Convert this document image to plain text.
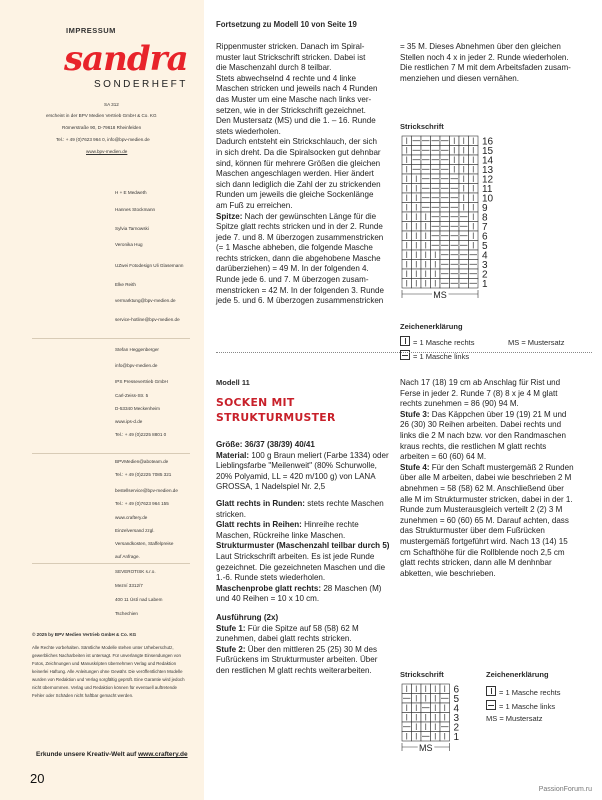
IMPRESSUM
sandra
SONDERHEFT
SA 312
erscheint in der BPV Medien Vertrieb GmbH & Co. KG
Römerstraße 90, D-79618 Rheinfelden
Tel.: + 49 (0)7623 964 0, info@bpv-medien.de
www.bpv-medien.de
H + E Medweth
Hannes Stockmann
Sylvia Tarnowski
Veronika Hug
UZwei Fotodesign Uli Glasemann
Elke Reith
vermarktung@bpv-medien.de
service-hotline@bpv-medien.de
Stefan Heggenberger
info@bpv-medien.de
IPS Pressevertrieb GmbH
Carl-Zeiss-Str. 5
D-53340 Meckenheim
www.ips-d.de
Tel.: + 49 (0)2225 8801 0
BPVMedien@aboteam.de
Tel.: + 49 (0)2225 7085 321
bestellservice@bpv-medien.de
Tel.: + 49 (0)7623 964 155
www.craftery.de
Einzelversand zzgl.
Versandkosten, Staffelpreise
auf Anfrage.
SEVEROTISK s.r.o.
Mezní 3312/7
400 11 Ústí nad Labem
Tschechien
© 2025 by BPV Medien Vertrieb GmbH & Co. KG
Alle Rechte vorbehalten. Sämtliche Modelle stehen unter Urheberschutz, gewerbliches Nacharbeiten ist untersagt. Für unverlangte Einsendungen von Fotos, Zeichnungen und Manuskripten übernehmen Verlag und Redaktion keinerlei Haftung. Alle Anleitungen ohne Gewähr. Die veröffentlichten Modelle wurden von Redaktion und Verlag sorgfältig geprüft. Eine Garantie wird jedoch nicht übernommen. Verlag und Redaktion können für eventuell auftretende Fehler oder Schäden nicht haftbar gemacht werden.
Erkunde unsere Kreativ-Welt auf www.craftery.de
20
Fortsetzung zu Modell 10 von Seite 19
Rippenmuster stricken. Danach im Spiral-
muster laut Strickschrift stricken. Dabei ist
die Maschenzahl durch 8 teilbar.
Stets abwechselnd 4 rechte und 4 linke
Maschen stricken und jeweils nach 4 Runden
das Muster um eine Masche nach links ver-
setzen, wie in der Strickschrift gezeichnet.
Den Mustersatz (MS) und die 1. – 16. Runde
stets wiederholen.
Dadurch entsteht ein Strickschlauch, der sich
in sich dreht. Da die Spiralsocken gut dehnbar
sind, können für mehrere Größen die gleichen
Maschen angeschlagen werden. Hier ändert
sich dann lediglich die Zahl der zu strickenden
Runden um jeweils die gleiche Sockenlänge
am Fuß zu erreichen.
Spitze: Nach der gewünschten Länge für die
Spitze glatt rechts stricken und in der 2. Runde
jede 7. und 8. M überzogen zusammenstricken
(= 1 Masche abheben, die folgende Masche
rechts stricken, dann die abgehobene Masche
darüberziehen) = 49 M. In der folgenden 4.
Runde jede 6. und 7. M überzogen zusam-
menstricken = 42 M. In der folgenden 3. Runde
jede 5. und 6. M überzogen zusammenstricken
= 35 M. Dieses Abnehmen über den gleichen
Stellen noch 4 x in jeder 2. Runde wiederholen.
Die restlichen 7 M mit dem Arbeitsfaden zusam-
menziehen und diesen vernähen.
Strickschrift
16
15
14
13
12
11
10
9
8
7
6
5
4
3
2
1
MS
Zeichenerklärung
= 1 Masche rechts
= 1 Masche links
MS = Mustersatz
Modell 11
SOCKEN MIT STRUKTURMUSTER

Größe: 36/37 (38/39) 40/41

Material: 100 g Braun meliert (Farbe 1334) oder Lieblingsfarbe "Meilenweit" (80% Schurwolle, 20% Polyamid, LL = 420 m/100 g) von LANA GROSSA, 1 Nadelspiel Nr. 2,5

Glatt rechts in Runden: stets rechte Maschen stricken.

Glatt rechts in Reihen: Hinreihe rechte Maschen, Rückreihe linke Maschen.

Strukturmuster (Maschenzahl teilbar durch 5) Laut Strickschrift arbeiten. Es ist jede Runde gezeichnet. Die gezeichneten Maschen und die 1.-6. Runde stets wiederholen.

Maschenprobe glatt rechts: 28 Maschen (M) und 40 Reihen = 10 x 10 cm.

Ausführung (2x)

Stufe 1: Für die Spitze auf 58 (58) 62 M zunehmen, dabei glatt rechts stricken.

Stufe 2: Über den mittleren 25 (25) 30 M des Fußrückens im Strukturmuster arbeiten. Über den restlichen M glatt rechts weiterarbeiten.

Nach 17 (18) 19 cm ab Anschlag für Rist und Ferse in jeder 2. Runde 7 (8) 8 x je 4 M glatt rechts zunehmen = 86 (90) 94 M.

Stufe 3: Das Käppchen über 19 (19) 21 M und 26 (30) 30 Reihen arbeiten. Dabei rechts und links die 2 M nach bzw. vor den Randmaschen kraus rechts, die restlichen M glatt rechts arbeiten = 60 (60) 64 M.

Stufe 4: Für den Schaft mustergemäß 2 Runden über alle M arbeiten, dabei wie beschrieben 2 M abnehmen = 58 (58) 62 M. Anschließend über alle M im Strukturmuster stricken, dabei in der 1. Runde zum Musterausgleich verteilt 2 (2) 3 M zunehmen = 60 (60) 65 M. Darauf achten, dass das Strukturmuster über dem Fußrücken mustergemäß fortgeführt wird. Nach 13 (14) 15 cm Schafthöhe für die Rollblende noch 2,5 cm glatt rechts stricken, dann alle M denhnbar abketten, wie beschrieben.

Strickschrift
6
5
4
3
2
1
MS
Zeichenerklärung
= 1 Masche rechts
= 1 Masche links
MS = Mustersatz
PassionForum.ru
